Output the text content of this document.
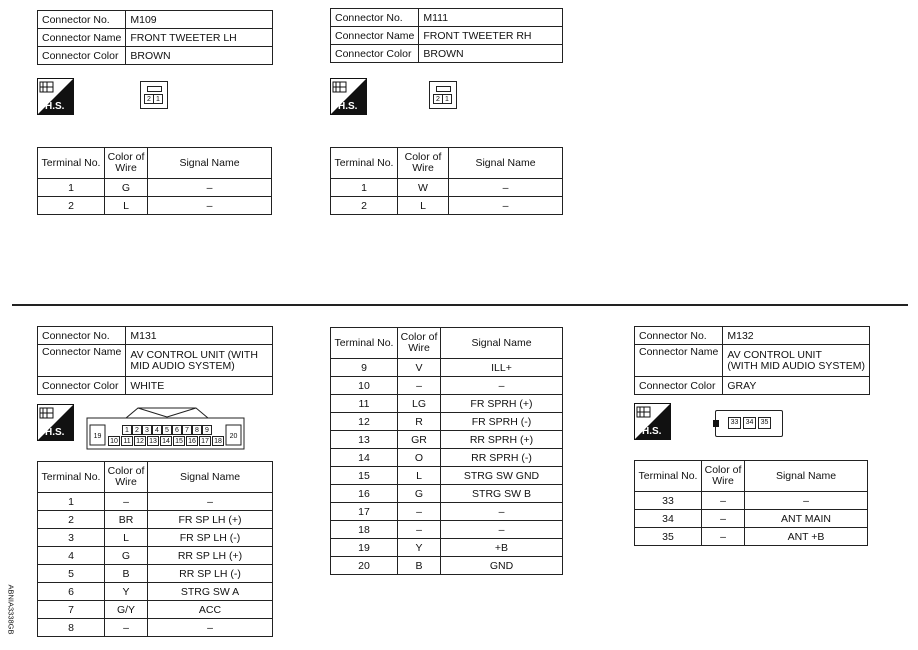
Connector No.	M109
Connector Name	FRONT TWEETER LH
Connector Color	BROWN
H.S.
2 1
Terminal No.	Color of Wire	Signal Name
1	G	–
2	L	–
Connector No.	M111
Connector Name	FRONT TWEETER RH
Connector Color	BROWN
H.S.
2 1
Terminal No.	Color of Wire	Signal Name
1	W	–
2	L	–
Connector No.	M131
Connector Name	AV CONTROL UNIT (WITH
MID AUDIO SYSTEM)
Connector Color	WHITE
H.S.	19	20
1 2 3 4 5 6 7 8 9
10 11 12 13 14 15 16 17 18
Terminal No.	Color of Wire	Signal Name
1	–	–
2	BR	FR SP LH (+)
3	L	FR SP LH (-)
4	G	RR SP LH (+)
5	B	RR SP LH (-)
6	Y	STRG SW A
7	G/Y	ACC
8	–	–
Terminal No.	Color of Wire	Signal Name
9	V	ILL+
10	–	–
11	LG	FR SPRH (+)
12	R	FR SPRH (-)
13	GR	RR SPRH (+)
14	O	RR SPRH (-)
15	L	STRG SW GND
16	G	STRG SW B
17	–	–
18	–	–
19	Y	+B
20	B	GND
Connector No.	M132
Connector Name	AV CONTROL UNIT
(WITH MID AUDIO SYSTEM)
Connector Color	GRAY
H.S.
33	34	35
Terminal No.	Color of Wire	Signal Name
33	–	–
34	–	ANT MAIN
35	–	ANT +B
ABNIA3338GB
